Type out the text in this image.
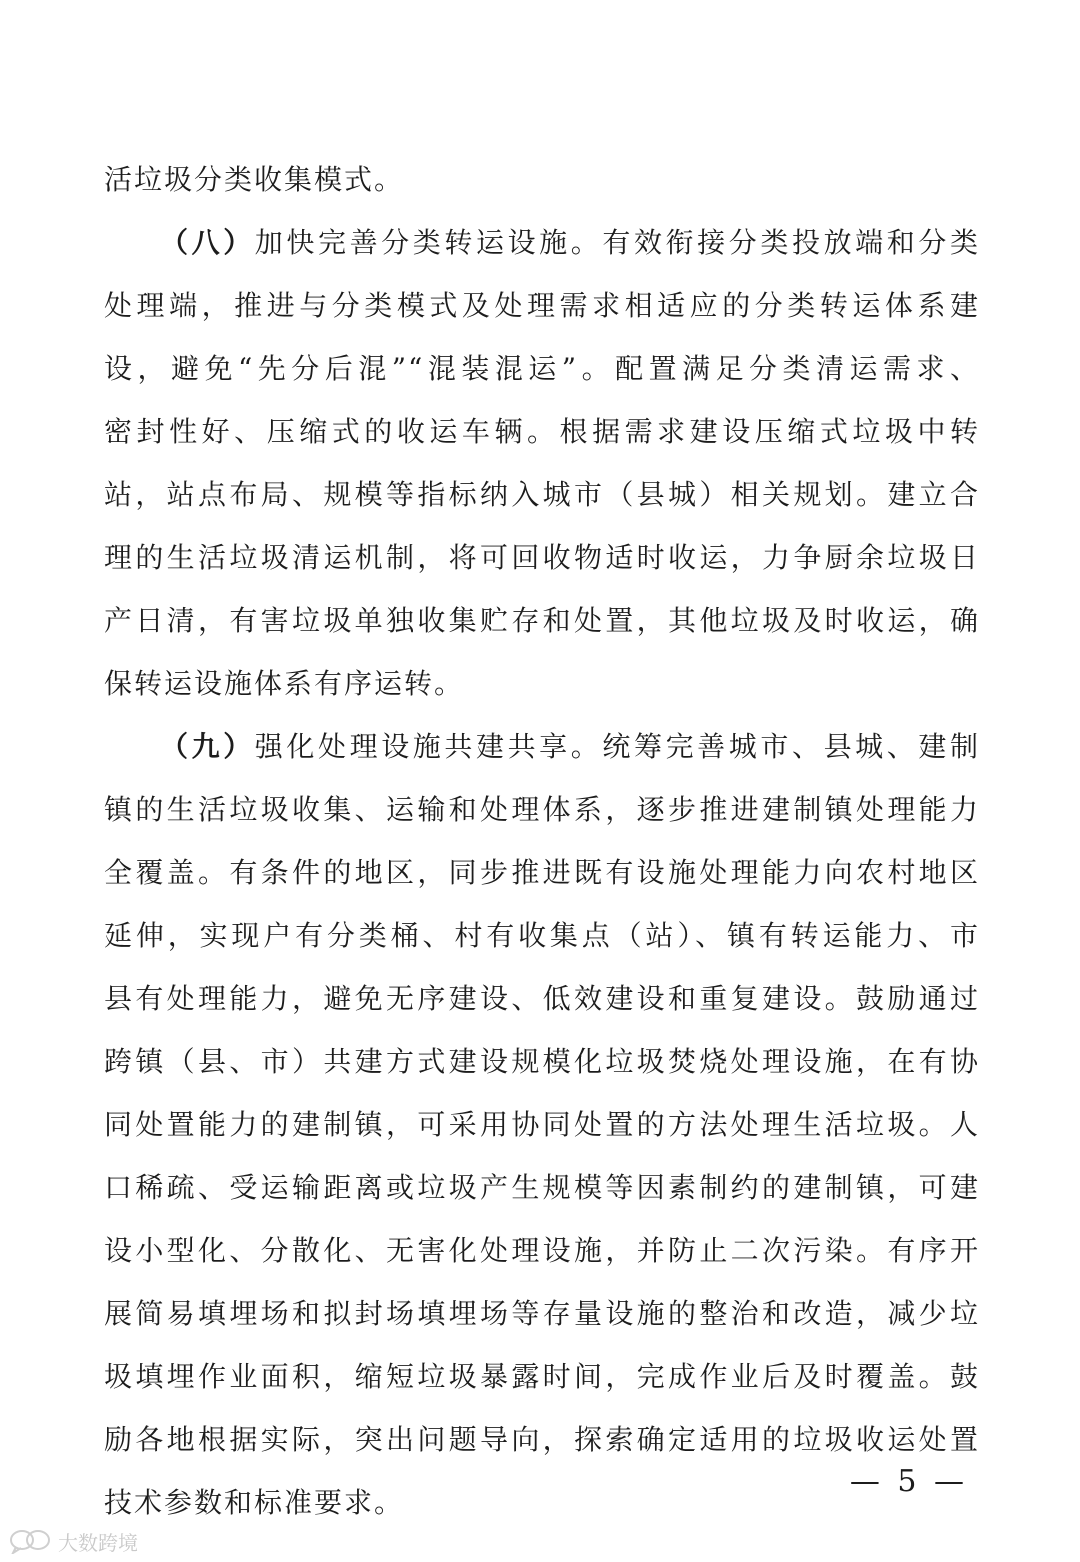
活垃圾分类收集模式。
（八）加快完善分类转运设施。有效衔接分类投放端和分类
处理端，推进与分类模式及处理需求相适应的分类转运体系建
设，避免“先分后混”“混装混运”。配置满足分类清运需求、
密封性好、压缩式的收运车辆。根据需求建设压缩式垃圾中转
站，站点布局、规模等指标纳入城市（县城）相关规划。建立合
理的生活垃圾清运机制，将可回收物适时收运，力争厨余垃圾日
产日清，有害垃圾单独收集贮存和处置，其他垃圾及时收运，确
保转运设施体系有序运转。
（九）强化处理设施共建共享。统筹完善城市、县城、建制
镇的生活垃圾收集、运输和处理体系，逐步推进建制镇处理能力
全覆盖。有条件的地区，同步推进既有设施处理能力向农村地区
延伸，实现户有分类桶、村有收集点（站）、镇有转运能力、市
县有处理能力，避免无序建设、低效建设和重复建设。鼓励通过
跨镇（县、市）共建方式建设规模化垃圾焚烧处理设施，在有协
同处置能力的建制镇，可采用协同处置的方法处理生活垃圾。人
口稀疏、受运输距离或垃圾产生规模等因素制约的建制镇，可建
设小型化、分散化、无害化处理设施，并防止二次污染。有序开
展简易填埋场和拟封场填埋场等存量设施的整治和改造，减少垃
圾填埋作业面积，缩短垃圾暴露时间，完成作业后及时覆盖。鼓
励各地根据实际，突出问题导向，探索确定适用的垃圾收运处置
技术参数和标准要求。
— 5 —
大数跨境
